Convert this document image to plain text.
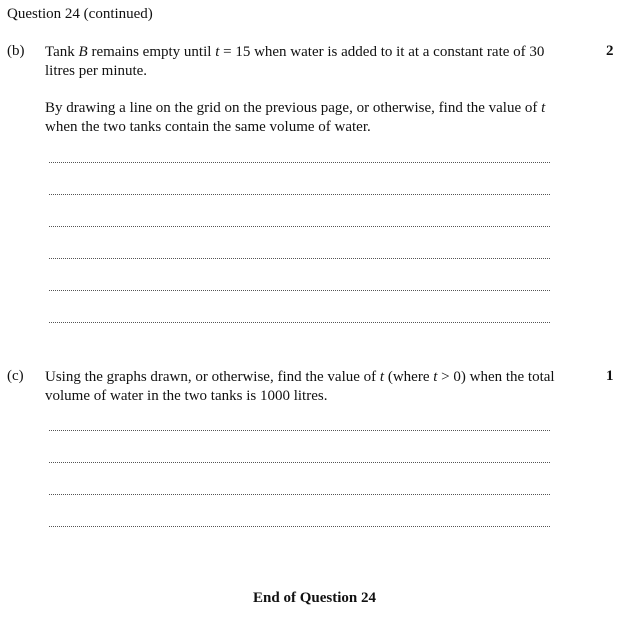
Question 24 (continued)
(b)	2
Tank B remains empty until t = 15 when water is added to it at a constant rate of 30 litres per minute.
By drawing a line on the grid on the previous page, or otherwise, find the value of t when the two tanks contain the same volume of water.
(c)	1
Using the graphs drawn, or otherwise, find the value of t (where t > 0) when the total volume of water in the two tanks is 1000 litres.
End of Question 24
